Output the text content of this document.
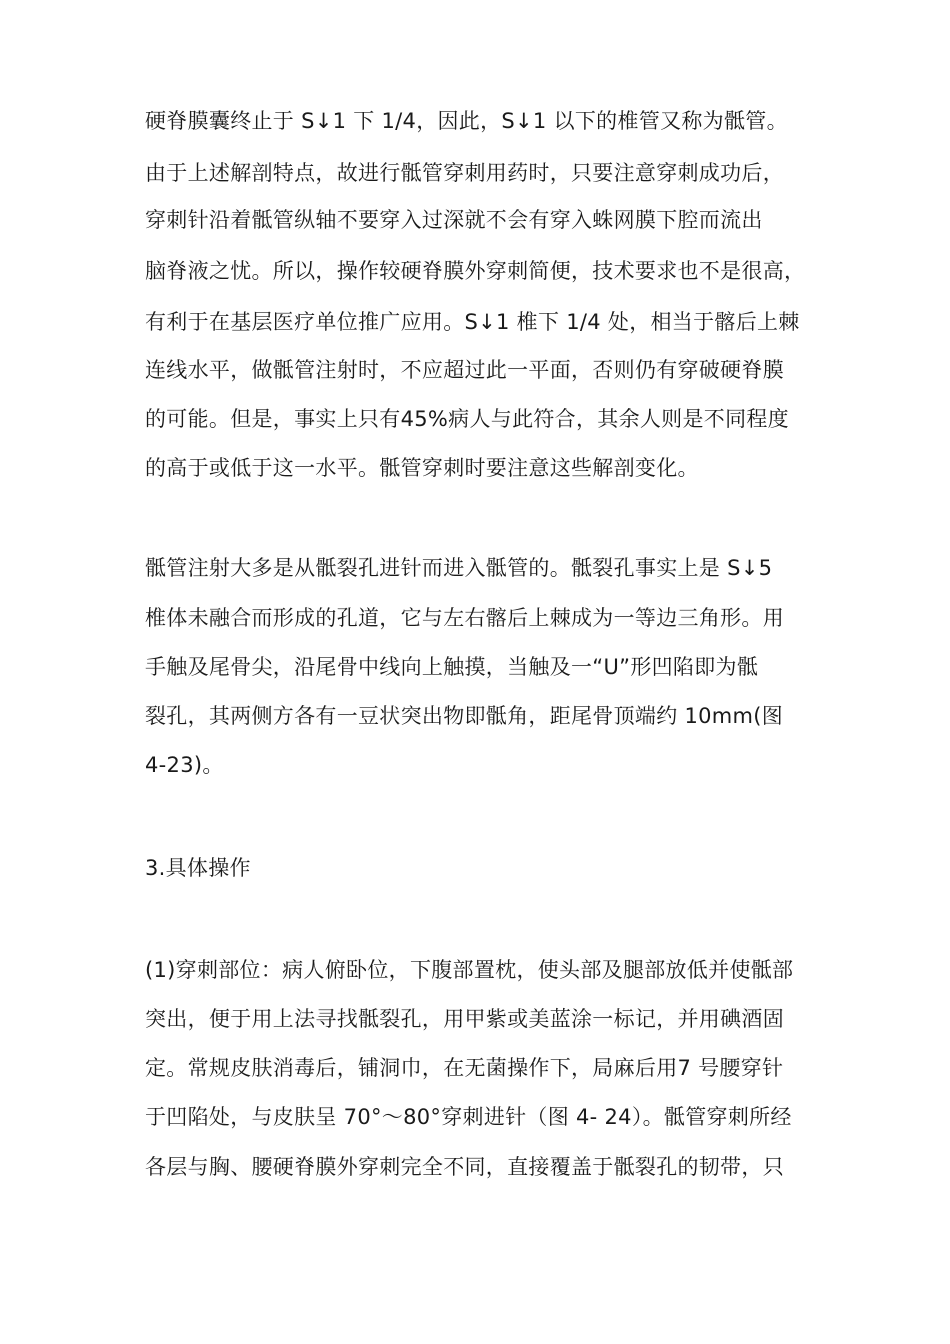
硬脊膜囊终止于 S↓1 下 1/4，因此，S↓1 以下的椎管又称为骶管。
由于上述解剖特点，故进行骶管穿刺用药时，只要注意穿刺成功后，
穿刺针沿着骶管纵轴不要穿入过深就不会有穿入蛛网膜下腔而流出
脑脊液之忧。所以，操作较硬脊膜外穿刺简便，技术要求也不是很高，
有利于在基层医疗单位推广应用。S↓1 椎下 1/4 处，相当于髂后上棘
连线水平，做骶管注射时，不应超过此一平面，否则仍有穿破硬脊膜
的可能。但是，事实上只有45%病人与此符合，其余人则是不同程度
的高于或低于这一水平。骶管穿刺时要注意这些解剖变化。
骶管注射大多是从骶裂孔进针而进入骶管的。骶裂孔事实上是 S↓5
椎体未融合而形成的孔道，它与左右髂后上棘成为一等边三角形。用
手触及尾骨尖，沿尾骨中线向上触摸，当触及一“U”形凹陷即为骶
裂孔，其两侧方各有一豆状突出物即骶角，距尾骨顶端约 10mm(图
4-23)。
3.具体操作
(1)穿刺部位：病人俯卧位，下腹部置枕，使头部及腿部放低并使骶部
突出，便于用上法寻找骶裂孔，用甲紫或美蓝涂一标记，并用碘酒固
定。常规皮肤消毒后，铺洞巾，在无菌操作下，局麻后用7 号腰穿针
于凹陷处，与皮肤呈 70°～80°穿刺进针（图 4- 24）。骶管穿刺所经
各层与胸、腰硬脊膜外穿刺完全不同，直接覆盖于骶裂孔的韧带，只
